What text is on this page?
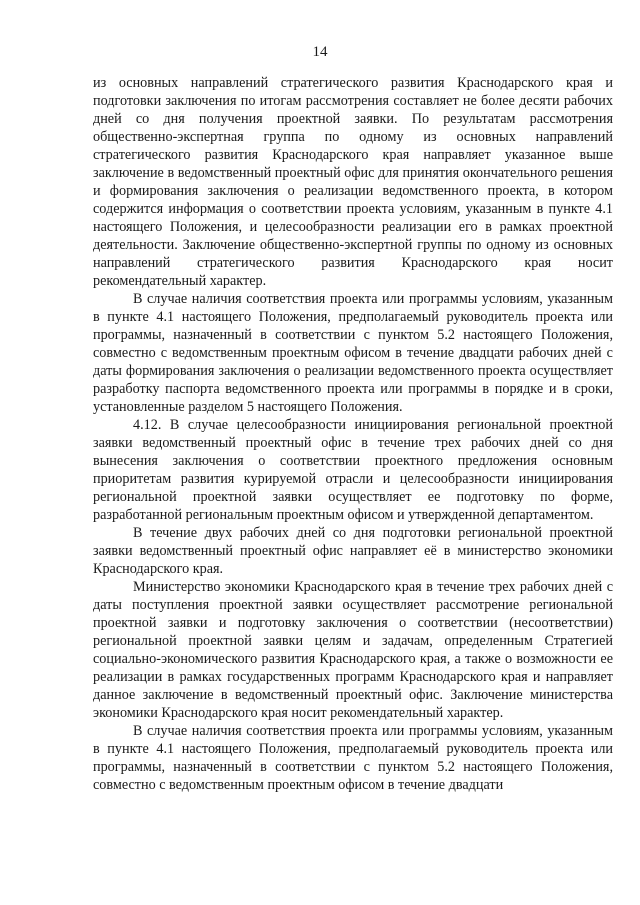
14

из основных направлений стратегического развития Краснодарского края и подготовки заключения по итогам рассмотрения составляет не более десяти рабочих дней со дня получения проектной заявки. По результатам рассмотрения общественно-экспертная группа по одному из основных направлений стратегического развития Краснодарского края направляет указанное выше заключение в ведомственный проектный офис для принятия окончательного решения и формирования заключения о реализации ведомственного проекта, в котором содержится информация о соответствии проекта условиям, указанным в пункте 4.1 настоящего Положения, и целесообразности реализации его в рамках проектной деятельности. Заключение общественно-экспертной группы по одному из основных направлений стратегического развития Краснодарского края носит рекомендательный характер.

В случае наличия соответствия проекта или программы условиям, указанным в пункте 4.1 настоящего Положения, предполагаемый руководитель проекта или программы, назначенный в соответствии с пунктом 5.2 настоящего Положения, совместно с ведомственным проектным офисом в течение двадцати рабочих дней с даты формирования заключения о реализации ведомственного проекта осуществляет разработку паспорта ведомственного проекта или программы в порядке и в сроки, установленные разделом 5 настоящего Положения.

4.12. В случае целесообразности инициирования региональной проектной заявки ведомственный проектный офис в течение трех рабочих дней со дня вынесения заключения о соответствии проектного предложения основным приоритетам развития курируемой отрасли и целесообразности инициирования региональной проектной заявки осуществляет ее подготовку по форме, разработанной региональным проектным офисом и утвержденной департаментом.

В течение двух рабочих дней со дня подготовки региональной проектной заявки ведомственный проектный офис направляет её в министерство экономики Краснодарского края.

Министерство экономики Краснодарского края в течение трех рабочих дней с даты поступления проектной заявки осуществляет рассмотрение региональной проектной заявки и подготовку заключения о соответствии (несоответствии) региональной проектной заявки целям и задачам, определенным Стратегией социально-экономического развития Краснодарского края, а также о возможности ее реализации в рамках государственных программ Краснодарского края и направляет данное заключение в ведомственный проектный офис. Заключение министерства экономики Краснодарского края носит рекомендательный характер.

В случае наличия соответствия проекта или программы условиям, указанным в пункте 4.1 настоящего Положения, предполагаемый руководитель проекта или программы, назначенный в соответствии с пунктом 5.2 настоящего Положения, совместно с ведомственным проектным офисом в течение двадцати
